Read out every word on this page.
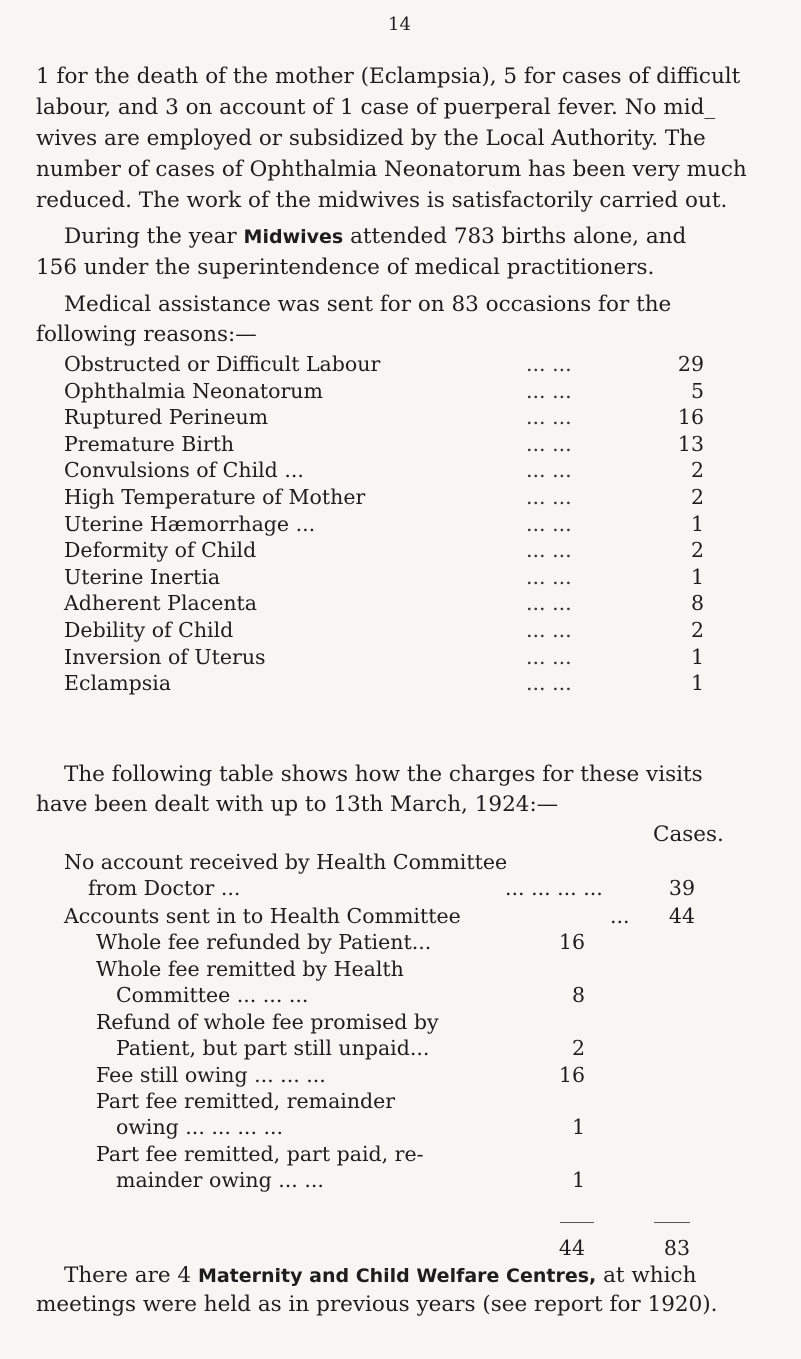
14
1 for the death of the mother (Eclampsia), 5 for cases of difficult
labour, and 3 on account of 1 case of puerperal fever. No mid_
wives are employed or subsidized by the Local Authority. The
number of cases of Ophthalmia Neonatorum has been very much
reduced. The work of the midwives is satisfactorily carried out.
During the year Midwives attended 783 births alone, and
156 under the superintendence of medical practitioners.
Medical assistance was sent for on 83 occasions for the
following reasons:—
Obstructed or Difficult Labour	... ...	29
Ophthalmia Neonatorum	... ...	5
Ruptured Perineum	... ...	16
Premature Birth	... ...	13
Convulsions of Child ...	... ...	2
High Temperature of Mother	... ...	2
Uterine Hæmorrhage ...	... ...	1
Deformity of Child	... ...	2
Uterine Inertia	... ...	1
Adherent Placenta	... ...	8
Debility of Child	... ...	2
Inversion of Uterus	... ...	1
Eclampsia	... ...	1
The following table shows how the charges for these visits
have been dealt with up to 13th March, 1924:—
Cases.
No account received by Health Committee
from Doctor ...	... ... ... ...	39
Accounts sent in to Health Committee	...	44
Whole fee refunded by Patient...	16
Whole fee remitted by Health
Committee ... ... ...	8
Refund of whole fee promised by
Patient, but part still unpaid...	2
Fee still owing ... ... ...	16
Part fee remitted, remainder
owing ... ... ... ...	1
Part fee remitted, part paid, re-
mainder owing ... ...	1
44	83
There are 4 Maternity and Child Welfare Centres, at which
meetings were held as in previous years (see report for 1920).
